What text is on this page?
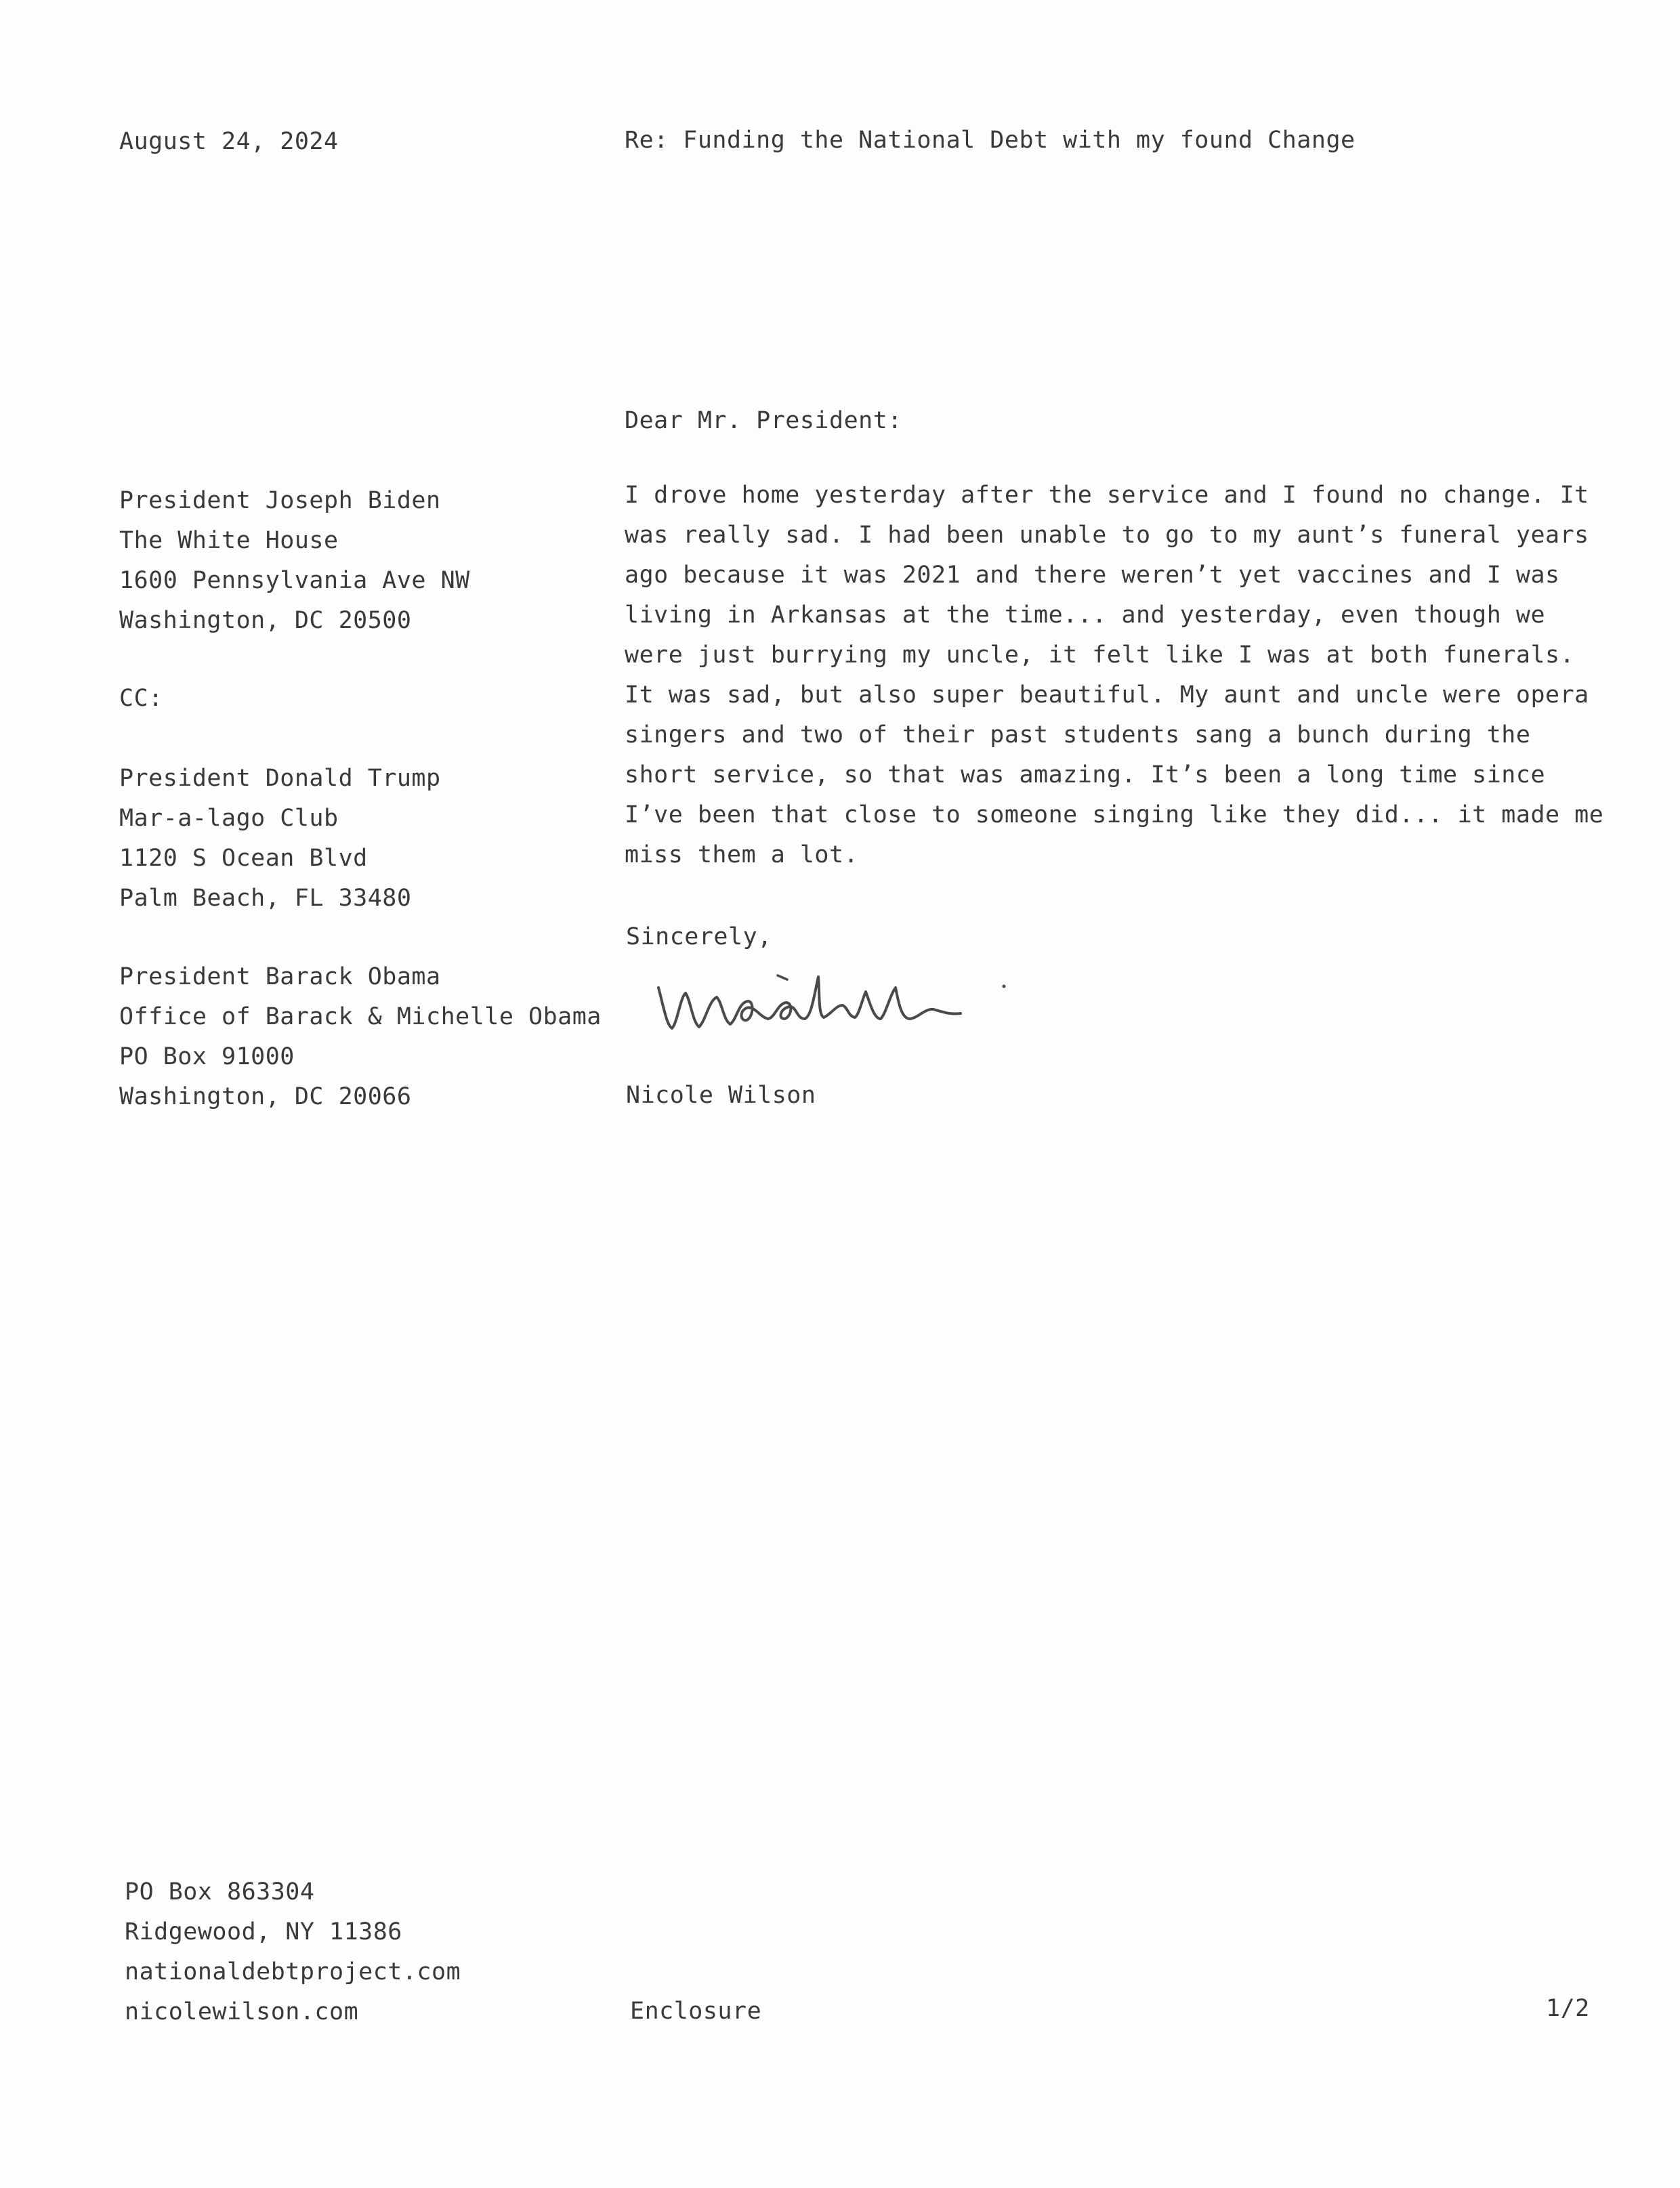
August 24, 2024	Re: Funding the National Debt with my found Change
Dear Mr. President:
President Joseph Biden
The White House
1600 Pennsylvania Ave NW
Washington, DC 20500
CC:
President Donald Trump
Mar-a-lago Club
1120 S Ocean Blvd
Palm Beach, FL 33480
President Barack Obama
Office of Barack & Michelle Obama
PO Box 91000
Washington, DC 20066
I drove home yesterday after the service and I found no change. It
was really sad. I had been unable to go to my aunt’s funeral years
ago because it was 2021 and there weren’t yet vaccines and I was
living in Arkansas at the time... and yesterday, even though we
were just burrying my uncle, it felt like I was at both funerals.
It was sad, but also super beautiful. My aunt and uncle were opera
singers and two of their past students sang a bunch during the
short service, so that was amazing. It’s been a long time since
I’ve been that close to someone singing like they did... it made me
miss them a lot.
Sincerely,
Nicole Wilson
PO Box 863304
Ridgewood, NY 11386
nationaldebtproject.com
nicolewilson.com	Enclosure	1/2
